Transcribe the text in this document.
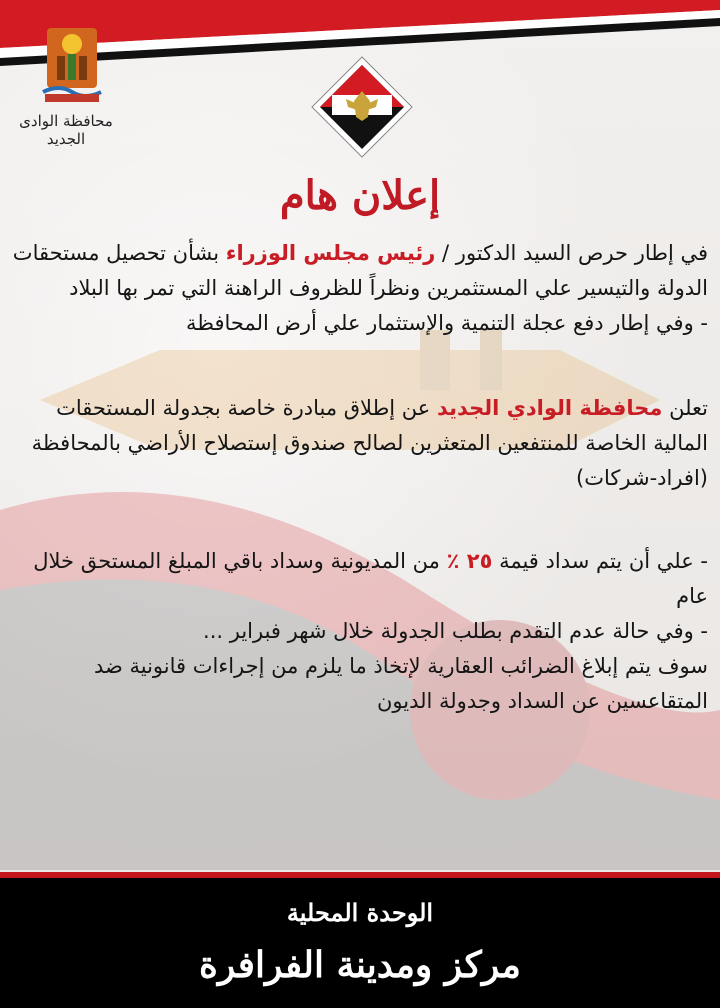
محافظة الوادى الجديد
إعلان هام

في إطار حرص السيد الدكتور / رئيس مجلس الوزراء بشأن تحصيل مستحقات الدولة والتيسير علي المستثمرين ونظراً للظروف الراهنة التي تمر بها البلاد

- وفي إطار دفع عجلة التنمية والإستثمار علي أرض المحافظة

تعلن محافظة الوادي الجديد عن إطلاق مبادرة خاصة بجدولة المستحقات المالية الخاصة للمنتفعين المتعثرين لصالح صندوق إستصلاح الأراضي بالمحافظة (افراد-شركات)

- علي أن يتم سداد قيمة ٢٥ ٪ من المديونية وسداد باقي المبلغ المستحق خلال عام

- وفي حالة عدم التقدم بطلب الجدولة خلال شهر فبراير ...

سوف يتم إبلاغ الضرائب العقارية لإتخاذ ما يلزم من إجراءات قانونية ضد المتقاعسين عن السداد وجدولة الديون

الوحدة المحلية
مركز ومدينة الفرافرة
